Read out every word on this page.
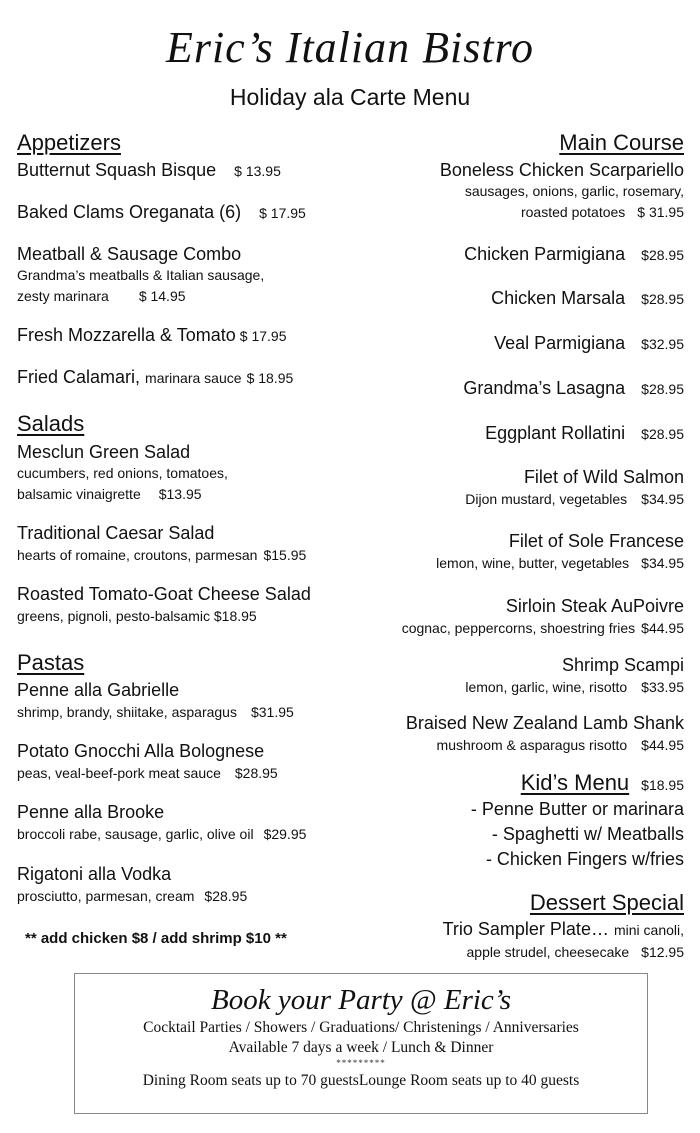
Eric’s Italian Bistro
Holiday ala Carte Menu
Appetizers
Butternut Squash Bisque $ 13.95
Baked Clams Oreganata (6) $ 17.95
Meatball & Sausage Combo
Grandma’s meatballs & Italian sausage,
zesty marinara $ 14.95
Fresh Mozzarella & Tomato $ 17.95
Fried Calamari, marinara sauce $ 18.95
Salads
Mesclun Green Salad
cucumbers, red onions, tomatoes,
balsamic vinaigrette $13.95
Traditional Caesar Salad
hearts of romaine, croutons, parmesan $15.95
Roasted Tomato-Goat Cheese Salad
greens, pignoli, pesto-balsamic $18.95
Pastas
Penne alla Gabrielle
shrimp, brandy, shiitake, asparagus $31.95
Potato Gnocchi Alla Bolognese
peas, veal-beef-pork meat sauce $28.95
Penne alla Brooke
broccoli rabe, sausage, garlic, olive oil $29.95
Rigatoni alla Vodka
prosciutto, parmesan, cream $28.95
** add chicken $8 / add shrimp $10 **
Main Course
Boneless Chicken Scarpariello
sausages, onions, garlic, rosemary,
roasted potatoes $ 31.95
Chicken Parmigiana $28.95
Chicken Marsala $28.95
Veal Parmigiana $32.95
Grandma’s Lasagna $28.95
Eggplant Rollatini $28.95
Filet of Wild Salmon
Dijon mustard, vegetables $34.95
Filet of Sole Francese
lemon, wine, butter, vegetables $34.95
Sirloin Steak AuPoivre
cognac, peppercorns, shoestring fries $44.95
Shrimp Scampi
lemon, garlic, wine, risotto $33.95
Braised New Zealand Lamb Shank
mushroom & asparagus risotto $44.95
Kid’s Menu $18.95
- Penne Butter or marinara
- Spaghetti w/ Meatballs
- Chicken Fingers w/fries
Dessert Special
Trio Sampler Plate… mini canoli,
apple strudel, cheesecake $12.95
Book your Party @ Eric’s
Cocktail Parties / Showers / Graduations/ Christenings / Anniversaries
Available 7 days a week / Lunch & Dinner
*********
Dining Room seats up to 70 guestsLounge Room seats up to 40 guests
